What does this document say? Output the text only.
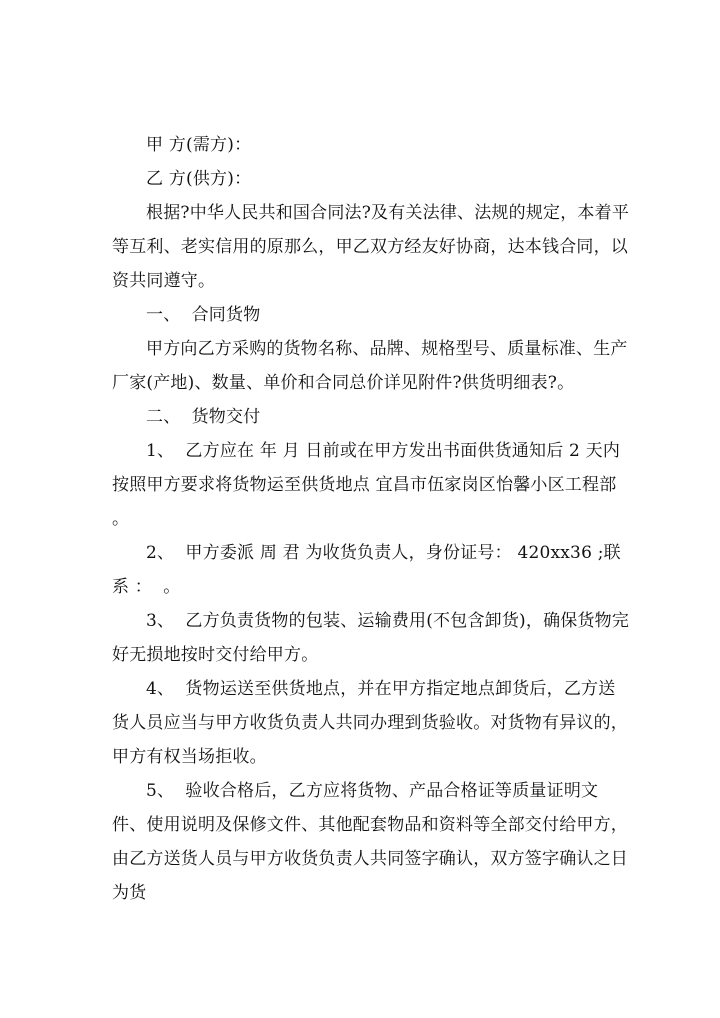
甲 方(需方)：

乙 方(供方)：

根据?中华人民共和国合同法?及有关法律、法规的规定，本着平等互利、老实信用的原那么，甲乙双方经友好协商，达本钱合同，以资共同遵守。

一、  合同货物

甲方向乙方采购的货物名称、品牌、规格型号、质量标准、生产厂家(产地)、数量、单价和合同总价详见附件?供货明细表?。

二、  货物交付

1、  乙方应在 年 月 日前或在甲方发出书面供货通知后 2 天内按照甲方要求将货物运至供货地点 宜昌市伍家岗区怡馨小区工程部 。

2、  甲方委派 周 君 为收货负责人，身份证号： 420xx36 ;联系 ：  。

3、  乙方负责货物的包装、运输费用(不包含卸货)，确保货物完好无损地按时交付给甲方。

4、  货物运送至供货地点，并在甲方指定地点卸货后，乙方送货人员应当与甲方收货负责人共同办理到货验收。对货物有异议的，甲方有权当场拒收。

5、  验收合格后，乙方应将货物、产品合格证等质量证明文件、使用说明及保修文件、其他配套物品和资料等全部交付给甲方，由乙方送货人员与甲方收货负责人共同签字确认，双方签字确认之日为货
